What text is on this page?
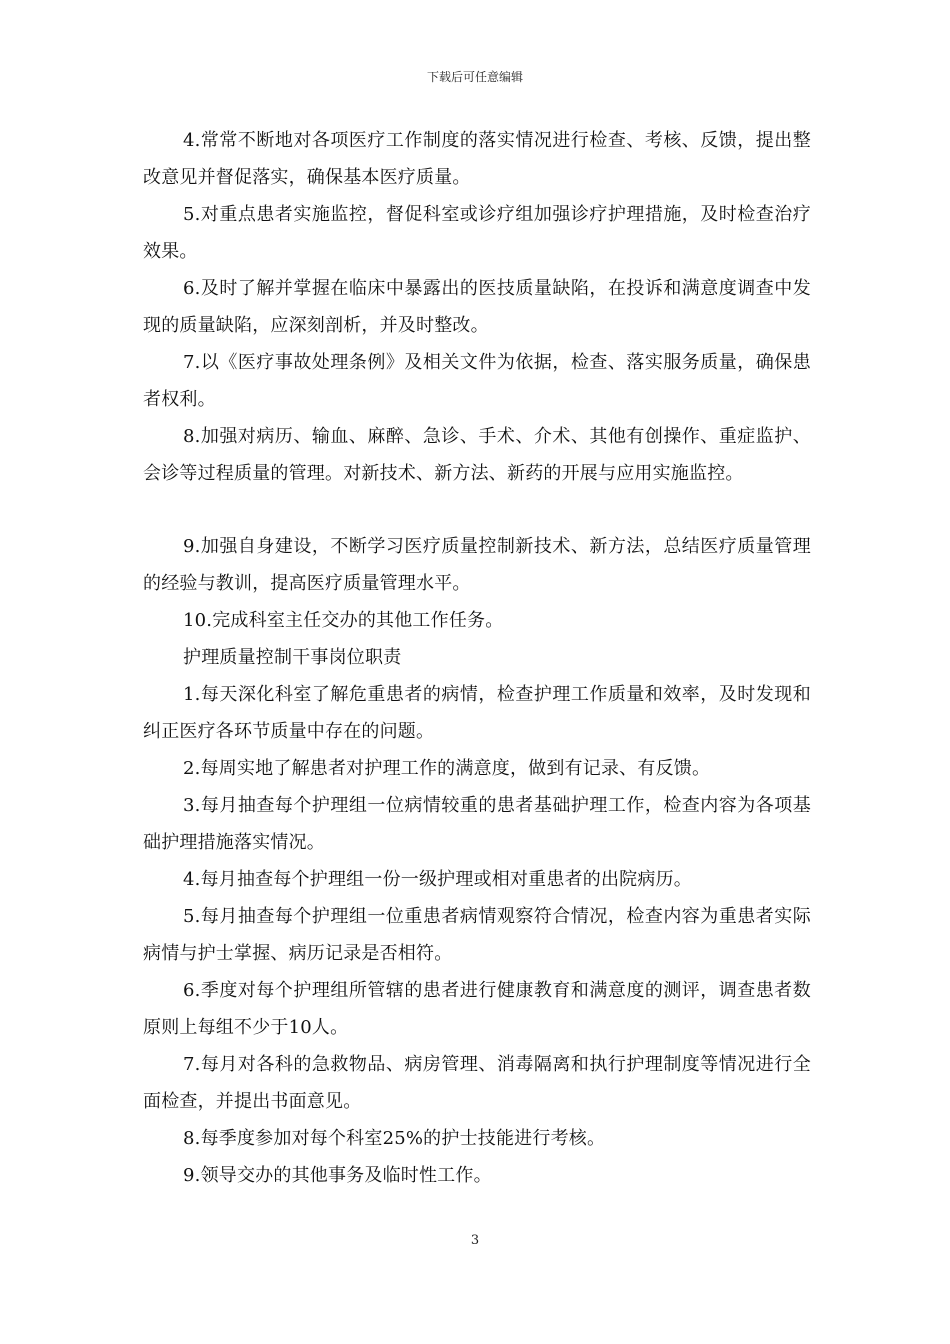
下载后可任意编辑

4.常常不断地对各项医疗工作制度的落实情况进行检查、考核、反馈，提出整改意见并督促落实，确保基本医疗质量。

5.对重点患者实施监控，督促科室或诊疗组加强诊疗护理措施，及时检查治疗效果。

6.及时了解并掌握在临床中暴露出的医技质量缺陷，在投诉和满意度调查中发现的质量缺陷，应深刻剖析，并及时整改。

7.以《医疗事故处理条例》及相关文件为依据，检查、落实服务质量，确保患者权利。

8.加强对病历、输血、麻醉、急诊、手术、介术、其他有创操作、重症监护、会诊等过程质量的管理。对新技术、新方法、新药的开展与应用实施监控。

9.加强自身建设，不断学习医疗质量控制新技术、新方法，总结医疗质量管理的经验与教训，提高医疗质量管理水平。

10.完成科室主任交办的其他工作任务。

护理质量控制干事岗位职责

1.每天深化科室了解危重患者的病情，检查护理工作质量和效率，及时发现和纠正医疗各环节质量中存在的问题。

2.每周实地了解患者对护理工作的满意度，做到有记录、有反馈。

3.每月抽查每个护理组一位病情较重的患者基础护理工作，检查内容为各项基础护理措施落实情况。

4.每月抽查每个护理组一份一级护理或相对重患者的出院病历。

5.每月抽查每个护理组一位重患者病情观察符合情况，检查内容为重患者实际病情与护士掌握、病历记录是否相符。

6.季度对每个护理组所管辖的患者进行健康教育和满意度的测评，调查患者数原则上每组不少于10人。

7.每月对各科的急救物品、病房管理、消毒隔离和执行护理制度等情况进行全面检查，并提出书面意见。

8.每季度参加对每个科室25%的护士技能进行考核。

9.领导交办的其他事务及临时性工作。

3
